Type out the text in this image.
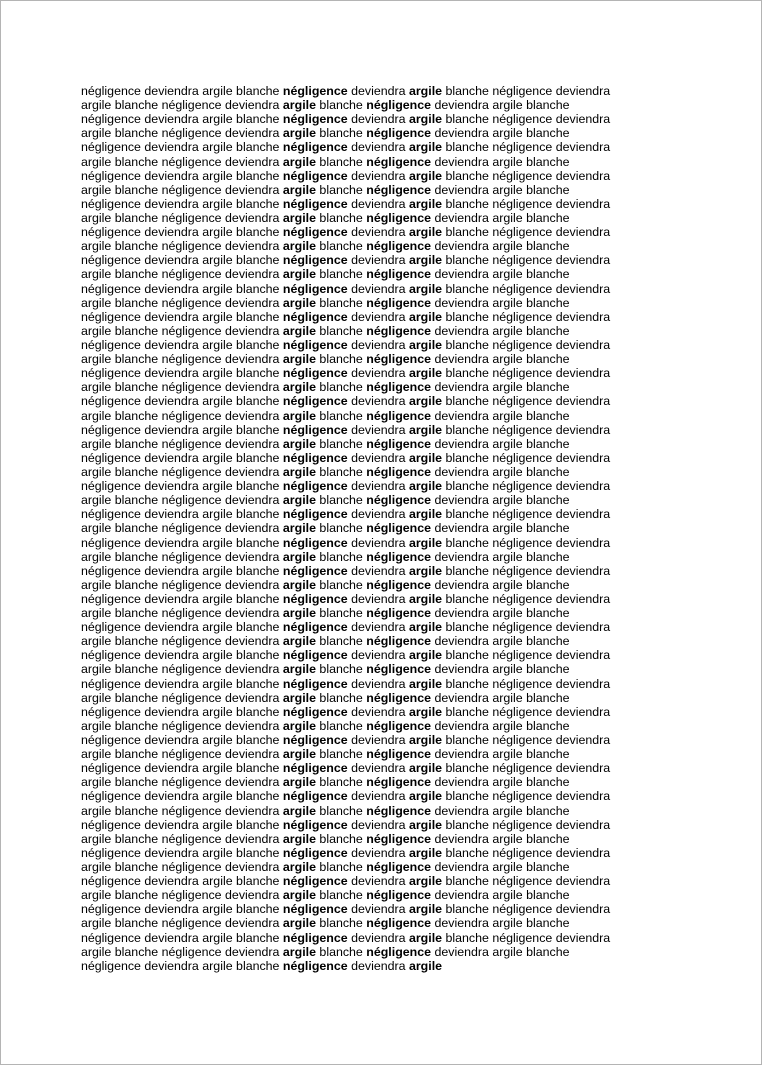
négligence deviendra argile blanche négligence deviendra argile blanche négligence deviendra
argile blanche négligence deviendra argile blanche négligence deviendra argile blanche
négligence deviendra argile blanche négligence deviendra argile blanche négligence deviendra
argile blanche négligence deviendra argile blanche négligence deviendra argile blanche
négligence deviendra argile blanche négligence deviendra argile blanche négligence deviendra
argile blanche négligence deviendra argile blanche négligence deviendra argile blanche
négligence deviendra argile blanche négligence deviendra argile blanche négligence deviendra
argile blanche négligence deviendra argile blanche négligence deviendra argile blanche
négligence deviendra argile blanche négligence deviendra argile blanche négligence deviendra
argile blanche négligence deviendra argile blanche négligence deviendra argile blanche
négligence deviendra argile blanche négligence deviendra argile blanche négligence deviendra
argile blanche négligence deviendra argile blanche négligence deviendra argile blanche
négligence deviendra argile blanche négligence deviendra argile blanche négligence deviendra
argile blanche négligence deviendra argile blanche négligence deviendra argile blanche
négligence deviendra argile blanche négligence deviendra argile blanche négligence deviendra
argile blanche négligence deviendra argile blanche négligence deviendra argile blanche
négligence deviendra argile blanche négligence deviendra argile blanche négligence deviendra
argile blanche négligence deviendra argile blanche négligence deviendra argile blanche
négligence deviendra argile blanche négligence deviendra argile blanche négligence deviendra
argile blanche négligence deviendra argile blanche négligence deviendra argile blanche
négligence deviendra argile blanche négligence deviendra argile blanche négligence deviendra
argile blanche négligence deviendra argile blanche négligence deviendra argile blanche
négligence deviendra argile blanche négligence deviendra argile blanche négligence deviendra
argile blanche négligence deviendra argile blanche négligence deviendra argile blanche
négligence deviendra argile blanche négligence deviendra argile blanche négligence deviendra
argile blanche négligence deviendra argile blanche négligence deviendra argile blanche
négligence deviendra argile blanche négligence deviendra argile blanche négligence deviendra
argile blanche négligence deviendra argile blanche négligence deviendra argile blanche
négligence deviendra argile blanche négligence deviendra argile blanche négligence deviendra
argile blanche négligence deviendra argile blanche négligence deviendra argile blanche
négligence deviendra argile blanche négligence deviendra argile blanche négligence deviendra
argile blanche négligence deviendra argile blanche négligence deviendra argile blanche
négligence deviendra argile blanche négligence deviendra argile blanche négligence deviendra
argile blanche négligence deviendra argile blanche négligence deviendra argile blanche
négligence deviendra argile blanche négligence deviendra argile blanche négligence deviendra
argile blanche négligence deviendra argile blanche négligence deviendra argile blanche
négligence deviendra argile blanche négligence deviendra argile blanche négligence deviendra
argile blanche négligence deviendra argile blanche négligence deviendra argile blanche
négligence deviendra argile blanche négligence deviendra argile blanche négligence deviendra
argile blanche négligence deviendra argile blanche négligence deviendra argile blanche
négligence deviendra argile blanche négligence deviendra argile blanche négligence deviendra
argile blanche négligence deviendra argile blanche négligence deviendra argile blanche
négligence deviendra argile blanche négligence deviendra argile blanche négligence deviendra
argile blanche négligence deviendra argile blanche négligence deviendra argile blanche
négligence deviendra argile blanche négligence deviendra argile blanche négligence deviendra
argile blanche négligence deviendra argile blanche négligence deviendra argile blanche
négligence deviendra argile blanche négligence deviendra argile blanche négligence deviendra
argile blanche négligence deviendra argile blanche négligence deviendra argile blanche
négligence deviendra argile blanche négligence deviendra argile blanche négligence deviendra
argile blanche négligence deviendra argile blanche négligence deviendra argile blanche
négligence deviendra argile blanche négligence deviendra argile blanche négligence deviendra
argile blanche négligence deviendra argile blanche négligence deviendra argile blanche
négligence deviendra argile blanche négligence deviendra argile blanche négligence deviendra
argile blanche négligence deviendra argile blanche négligence deviendra argile blanche
négligence deviendra argile blanche négligence deviendra argile blanche négligence deviendra
argile blanche négligence deviendra argile blanche négligence deviendra argile blanche
négligence deviendra argile blanche négligence deviendra argile blanche négligence deviendra
argile blanche négligence deviendra argile blanche négligence deviendra argile blanche
négligence deviendra argile blanche négligence deviendra argile blanche négligence deviendra
argile blanche négligence deviendra argile blanche négligence deviendra argile blanche
négligence deviendra argile blanche négligence deviendra argile blanche négligence deviendra
argile blanche négligence deviendra argile blanche négligence deviendra argile blanche
négligence deviendra argile blanche négligence deviendra argile
